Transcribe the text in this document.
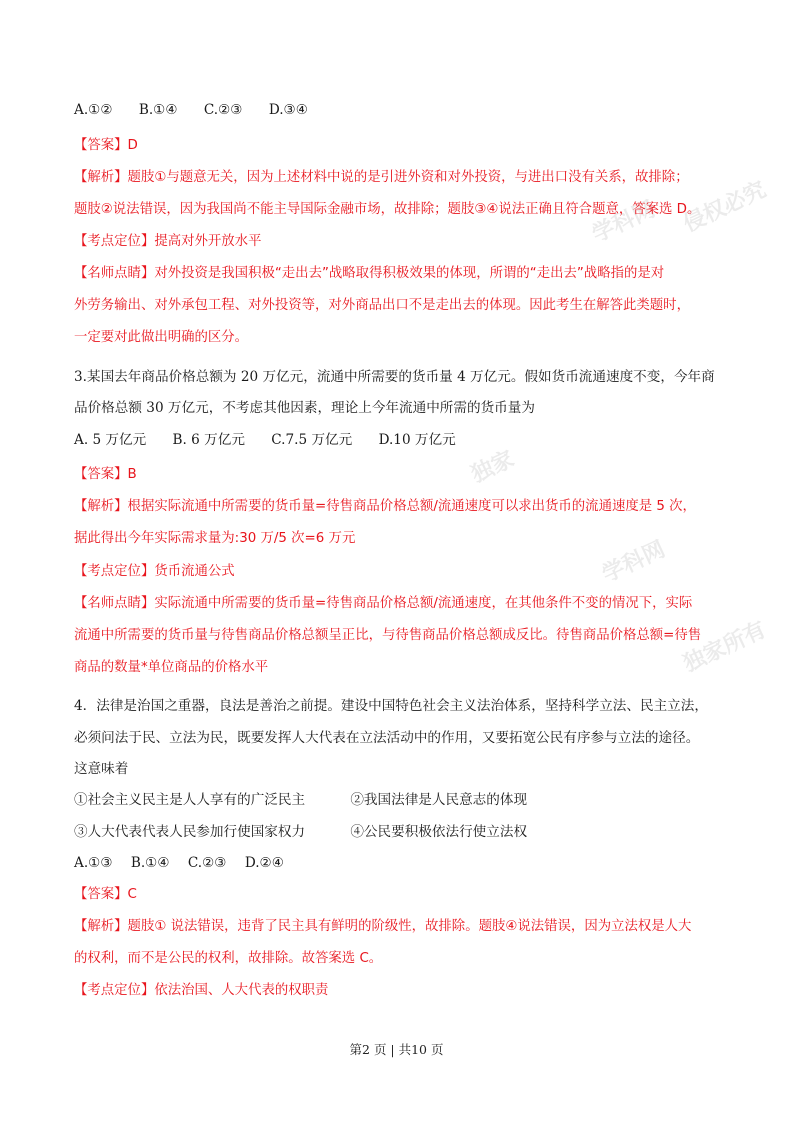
学科网 侵权必究
独家
学科网
独家所有
A.①② B.①④ C.②③ D.③④
【答案】D
【解析】题肢①与题意无关，因为上述材料中说的是引进外资和对外投资，与进出口没有关系，故排除；
题肢②说法错误，因为我国尚不能主导国际金融市场，故排除；题肢③④说法正确且符合题意，答案选 D。
【考点定位】提高对外开放水平
【名师点睛】对外投资是我国积极“走出去”战略取得积极效果的体现，所谓的“走出去”战略指的是对
外劳务输出、对外承包工程、对外投资等，对外商品出口不是走出去的体现。因此考生在解答此类题时，
一定要对此做出明确的区分。
3.某国去年商品价格总额为 20 万亿元，流通中所需要的货币量 4 万亿元。假如货币流通速度不变，今年商
品价格总额 30 万亿元，不考虑其他因素，理论上今年流通中所需的货币量为
A. 5 万亿元 B. 6 万亿元 C.7.5 万亿元 D.10 万亿元
【答案】B
【解析】根据实际流通中所需要的货币量=待售商品价格总额/流通速度可以求出货币的流通速度是 5 次，
据此得出今年实际需求量为:30 万/5 次=6 万元
【考点定位】货币流通公式
【名师点睛】实际流通中所需要的货币量=待售商品价格总额/流通速度，在其他条件不变的情况下，实际
流通中所需要的货币量与待售商品价格总额呈正比，与待售商品价格总额成反比。待售商品价格总额=待售
商品的数量*单位商品的价格水平
4．法律是治国之重器，良法是善治之前提。建设中国特色社会主义法治体系，坚持科学立法、民主立法，
必须问法于民、立法为民，既要发挥人大代表在立法活动中的作用，又要拓宽公民有序参与立法的途径。
这意味着
①社会主义民主是人人享有的广泛民主	②我国法律是人民意志的体现
③人大代表代表人民参加行使国家权力	④公民要积极依法行使立法权
A.①③ B.①④ C.②③ D.②④
【答案】C
【解析】题肢① 说法错误，违背了民主具有鲜明的阶级性，故排除。题肢④说法错误，因为立法权是人大
的权利，而不是公民的权利，故排除。故答案选 C。
【考点定位】依法治国、人大代表的权职责
第2 页 | 共10 页
